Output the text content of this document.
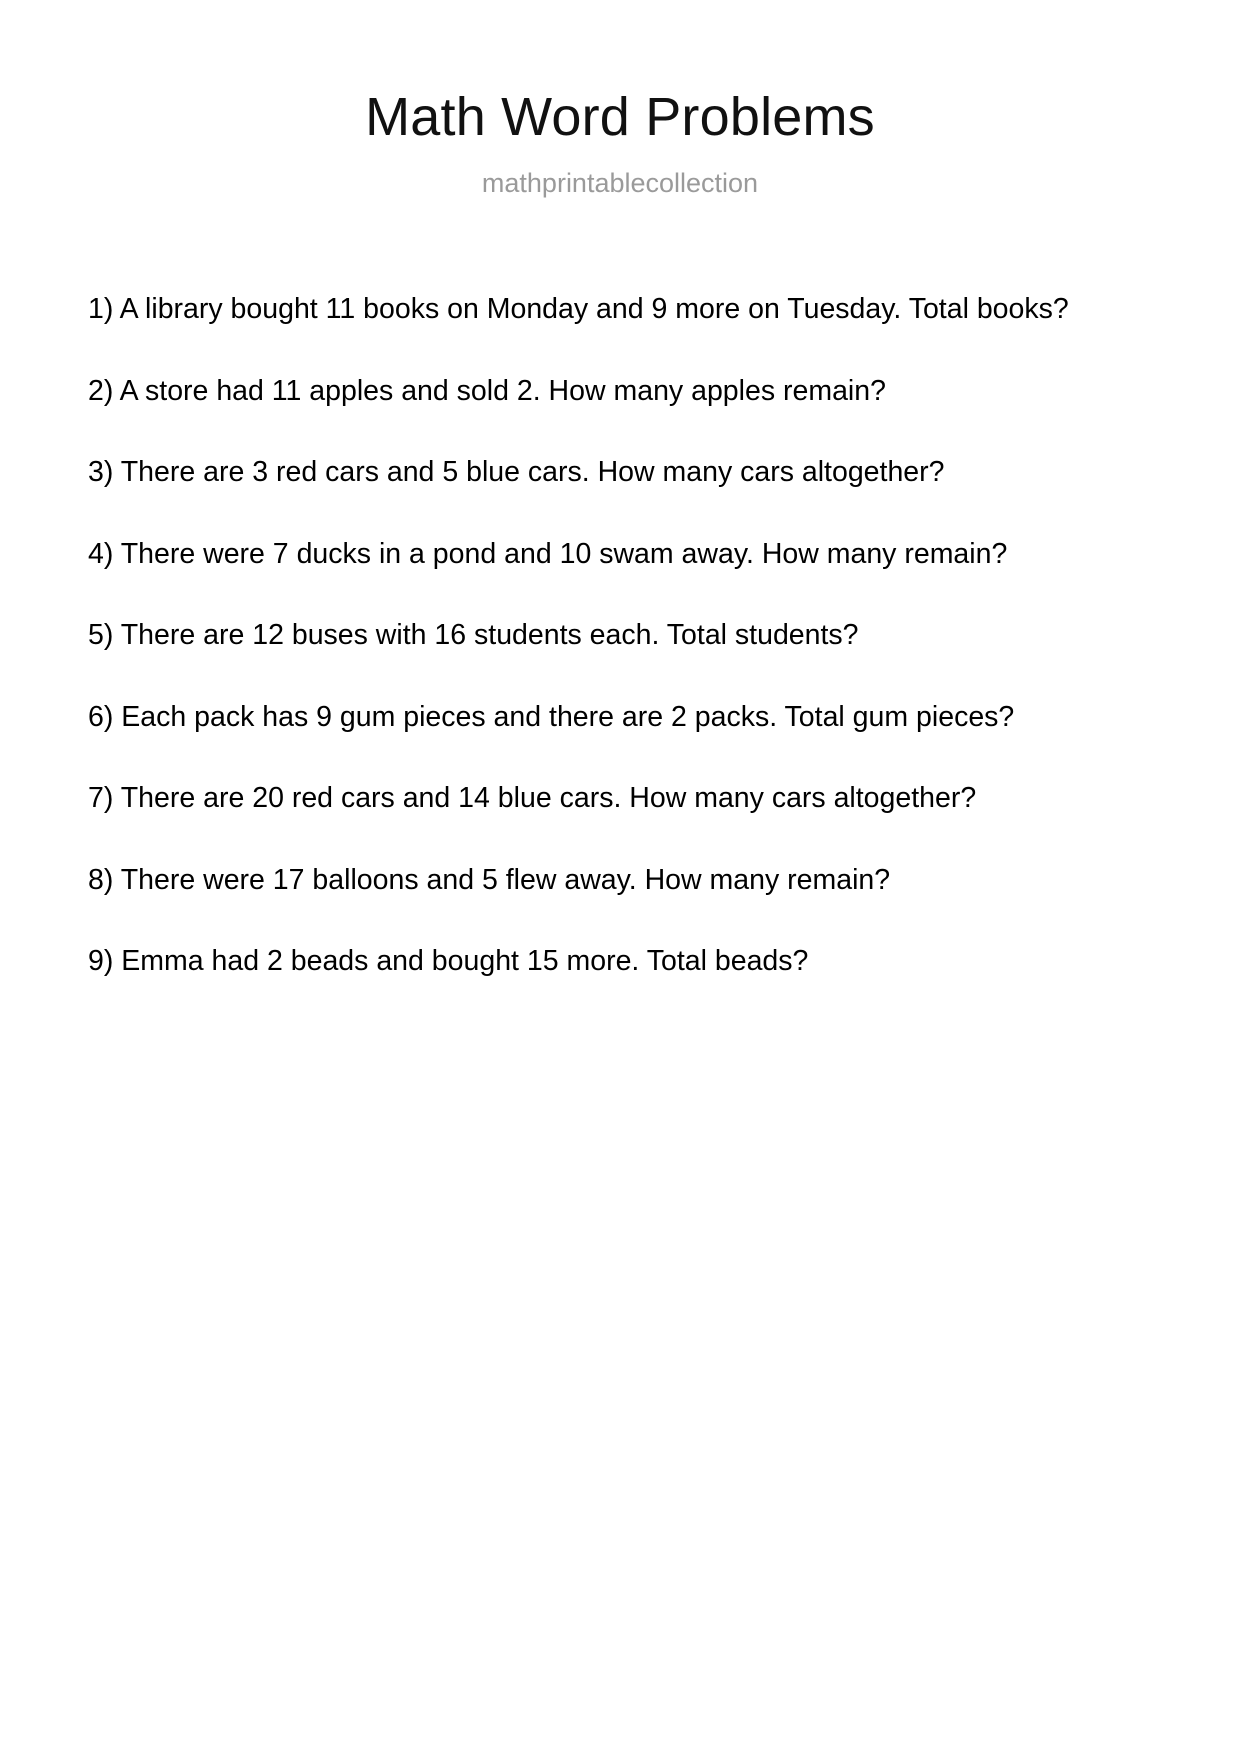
Math Word Problems
mathprintablecollection
1) A library bought 11 books on Monday and 9 more on Tuesday. Total books?
2) A store had 11 apples and sold 2. How many apples remain?
3) There are 3 red cars and 5 blue cars. How many cars altogether?
4) There were 7 ducks in a pond and 10 swam away. How many remain?
5) There are 12 buses with 16 students each. Total students?
6) Each pack has 9 gum pieces and there are 2 packs. Total gum pieces?
7) There are 20 red cars and 14 blue cars. How many cars altogether?
8) There were 17 balloons and 5 flew away. How many remain?
9) Emma had 2 beads and bought 15 more. Total beads?
